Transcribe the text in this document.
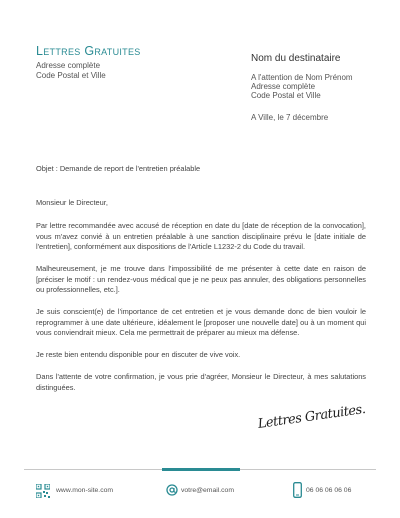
Lettres Gratuites
Adresse complète
Code Postal et Ville
Nom du destinataire
A l'attention de Nom Prénom
Adresse complète
Code Postal et Ville
A Ville, le 7 décembre
Objet : Demande de report de l'entretien préalable
Monsieur le Directeur,

Par lettre recommandée avec accusé de réception en date du [date de réception de la convocation], vous m'avez convié à un entretien préalable à une sanction disciplinaire prévu le [date initiale de l'entretien], conformément aux dispositions de l'Article L1232-2 du Code du travail.

Malheureusement, je me trouve dans l'impossibilité de me présenter à cette date en raison de [préciser le motif : un rendez-vous médical que je ne peux pas annuler, des obligations personnelles ou professionnelles, etc.].

Je suis conscient(e) de l'importance de cet entretien et je vous demande donc de bien vouloir le reprogrammer à une date ultérieure, idéalement le [proposer une nouvelle date] ou à un moment qui vous conviendrait mieux. Cela me permettrait de préparer au mieux ma défense.

Je reste bien entendu disponible pour en discuter de vive voix.

Dans l'attente de votre confirmation, je vous prie d'agréer, Monsieur le Directeur, à mes salutations distinguées.

Lettres Gratuites.
www.mon-site.com	votre@email.com	06 06 06 06 06
